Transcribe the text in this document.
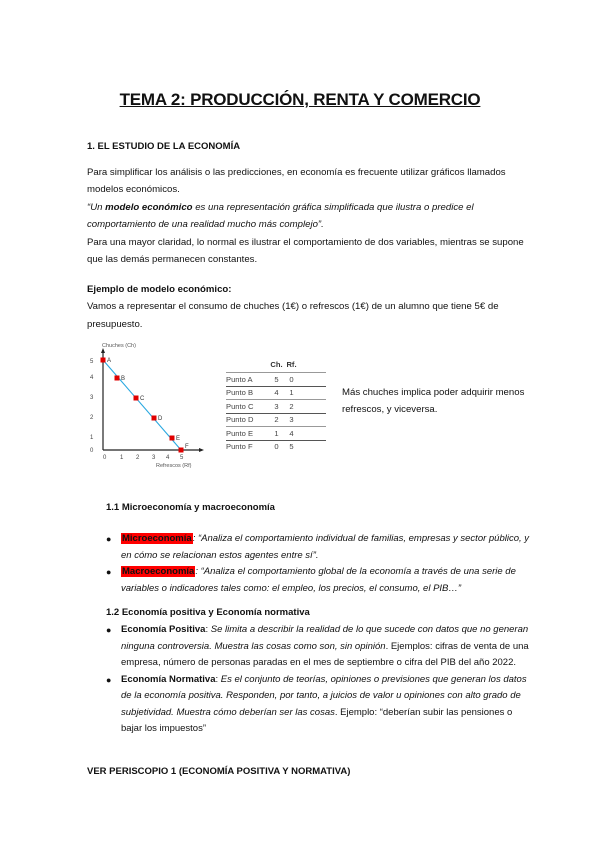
TEMA 2: PRODUCCIÓN, RENTA Y COMERCIO
1. EL ESTUDIO DE LA ECONOMÍA
Para simplificar los análisis o las predicciones, en economía es frecuente utilizar gráficos llamados modelos económicos.
“Un modelo económico es una representación gráfica simplificada que ilustra o predice el comportamiento de una realidad mucho más complejo”.
Para una mayor claridad, lo normal es ilustrar el comportamiento de dos variables, mientras se supone que las demás permanecen constantes.
Ejemplo de modelo económico:
Vamos a representar el consumo de chuches (1€) o refrescos (1€) de un alumno que tiene 5€ de presupuesto.
Chuches (Ch)
5
4
3
2
1
0
0 1 2 3 4 5
Refrescos (Rf)
A
B
C
D
E
F
Ch. Rf.
Punto A	5	0
Punto B	4	1
Punto C	3	2
Punto D	2	3
Punto E	1	4
Punto F	0	5
Más chuches implica poder adquirir menos refrescos, y viceversa.
1.1 Microeconomía y macroeconomía
● Microeconomía: “Analiza el comportamiento individual de familias, empresas y sector público, y en cómo se relacionan estos agentes entre sí”.
● Macroeconomía: “Analiza el comportamiento global de la economía a través de una serie de variables o indicadores tales como: el empleo, los precios, el consumo, el PIB…”
1.2 Economía positiva y Economía normativa
● Economía Positiva: Se limita a describir la realidad de lo que sucede con datos que no generan ninguna controversia. Muestra las cosas como son, sin opinión. Ejemplos: cifras de venta de una empresa, número de personas paradas en el mes de septiembre o cifra del PIB del año 2022.
● Economía Normativa: Es el conjunto de teorías, opiniones o previsiones que generan los datos de la economía positiva. Responden, por tanto, a juicios de valor u opiniones con alto grado de subjetividad. Muestra cómo deberían ser las cosas. Ejemplo: “deberían subir las pensiones o bajar los impuestos”
VER PERISCOPIO 1 (ECONOMÍA POSITIVA Y NORMATIVA)
